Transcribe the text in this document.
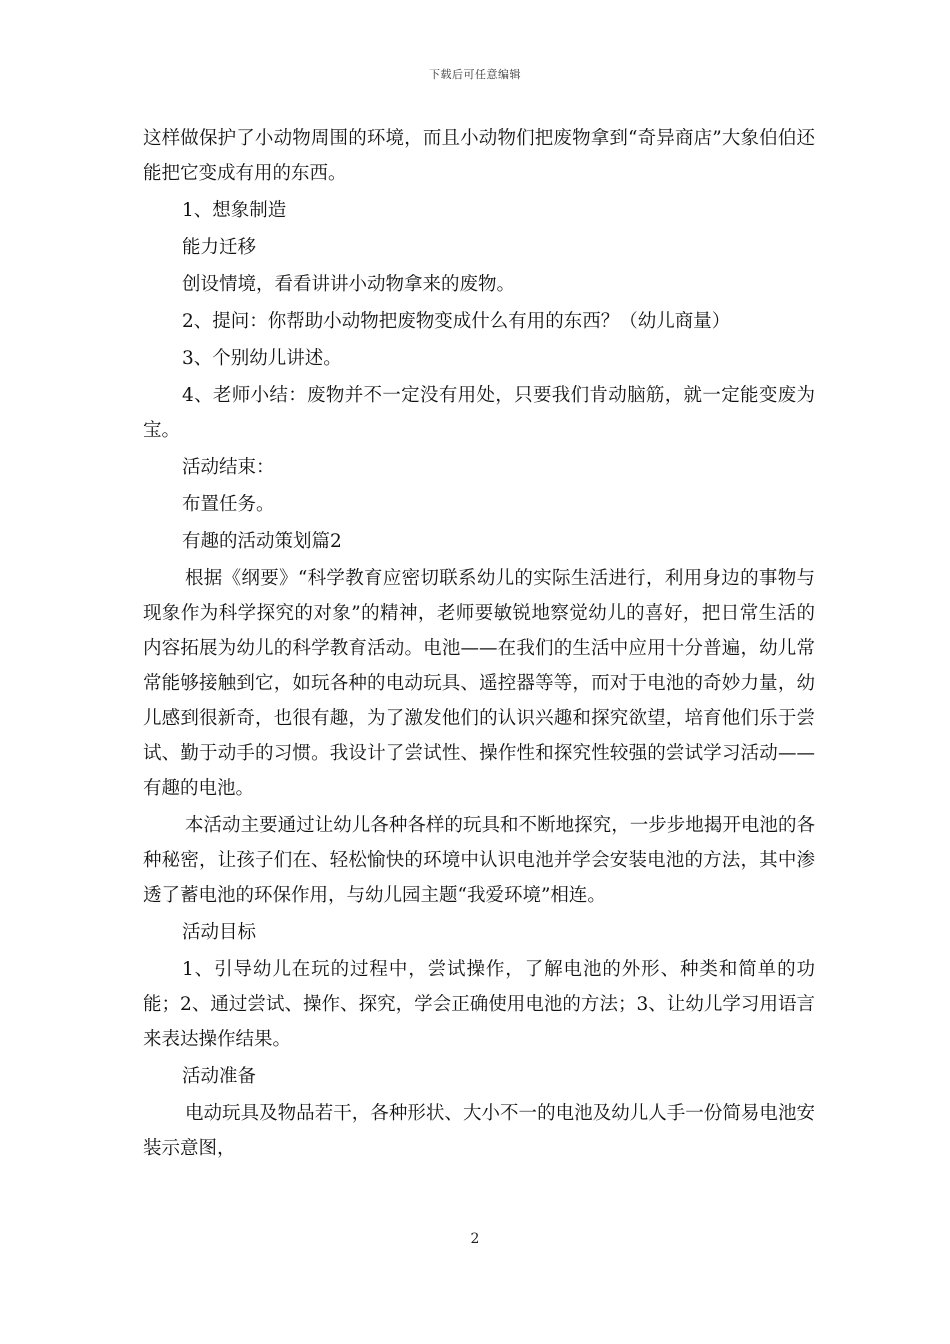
下载后可任意编辑

这样做保护了小动物周围的环境，而且小动物们把废物拿到“奇异商店”大象伯伯还能把它变成有用的东西。

1、想象制造

能力迁移

创设情境，看看讲讲小动物拿来的废物。

2、提问：你帮助小动物把废物变成什么有用的东西？（幼儿商量）

3、个别幼儿讲述。

4、老师小结：废物并不一定没有用处，只要我们肯动脑筋，就一定能变废为宝。

活动结束：

布置任务。

有趣的活动策划篇2

根据《纲要》“科学教育应密切联系幼儿的实际生活进行，利用身边的事物与现象作为科学探究的对象”的精神，老师要敏锐地察觉幼儿的喜好，把日常生活的内容拓展为幼儿的科学教育活动。电池——在我们的生活中应用十分普遍，幼儿常常能够接触到它，如玩各种的电动玩具、遥控器等等，而对于电池的奇妙力量，幼儿感到很新奇，也很有趣，为了激发他们的认识兴趣和探究欲望，培育他们乐于尝试、勤于动手的习惯。我设计了尝试性、操作性和探究性较强的尝试学习活动——有趣的电池。

本活动主要通过让幼儿各种各样的玩具和不断地探究，一步步地揭开电池的各种秘密，让孩子们在、轻松愉快的环境中认识电池并学会安装电池的方法，其中渗透了蓄电池的环保作用，与幼儿园主题“我爱环境”相连。

活动目标

1、引导幼儿在玩的过程中，尝试操作，了解电池的外形、种类和简单的功能；2、通过尝试、操作、探究，学会正确使用电池的方法；3、让幼儿学习用语言来表达操作结果。

活动准备

电动玩具及物品若干，各种形状、大小不一的电池及幼儿人手一份简易电池安装示意图，

2
